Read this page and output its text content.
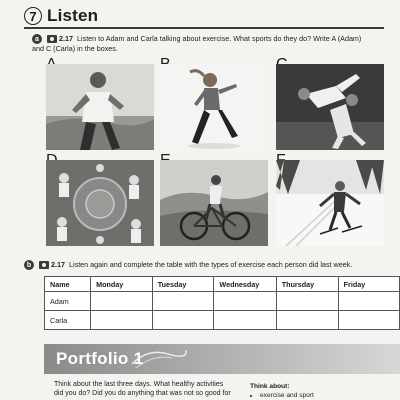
7 Listen
a	2.17 Listen to Adam and Carla talking about exercise. What sports do they do? Write A (Adam) and C (Carla) in the boxes.
b	2.17 Listen again and complete the table with the types of exercise each person did last week.
Name	Monday	Tuesday	Wednesday	Thursday	Friday
Adam					
Carla					
Portfolio 1
Think about the last three days. What healthy activities did you do? Did you do anything that was not so good for
Think about:
• exercise and sport
